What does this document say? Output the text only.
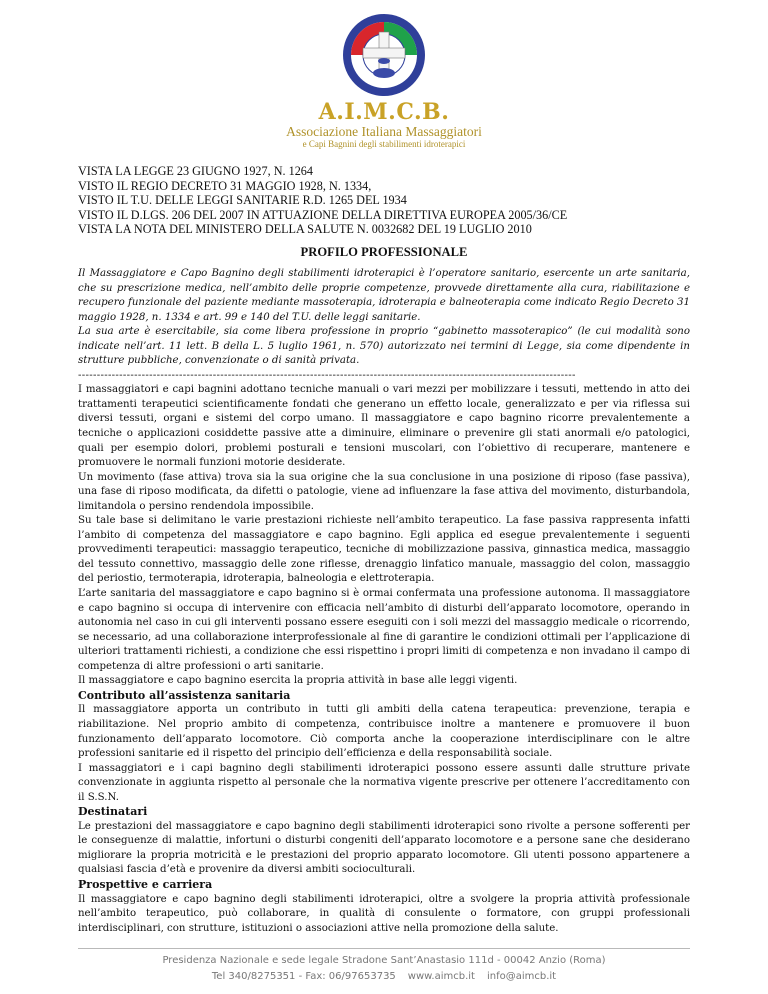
A.I.M.C.B.
Associazione Italiana Massaggiatori
e Capi Bagnini degli stabilimenti idroterapici
VISTA LA LEGGE 23 GIUGNO 1927, N. 1264
VISTO IL REGIO DECRETO 31 MAGGIO 1928, N. 1334,
VISTO IL T.U. DELLE LEGGI SANITARIE R.D. 1265 DEL 1934
VISTO IL D.LGS. 206 DEL 2007 IN ATTUAZIONE DELLA DIRETTIVA EUROPEA 2005/36/CE
VISTA LA NOTA DEL MINISTERO DELLA SALUTE N. 0032682 DEL 19 LUGLIO 2010
PROFILO PROFESSIONALE

Il Massaggiatore e Capo Bagnino degli stabilimenti idroterapici è l’operatore sanitario, esercente un arte sanitaria, che su prescrizione medica, nell’ambito delle proprie competenze, provvede direttamente alla cura, riabilitazione e recupero funzionale del paziente mediante massoterapia, idroterapia e balneoterapia come indicato Regio Decreto 31 maggio 1928, n. 1334 e art. 99 e 140 del T.U. delle leggi sanitarie.

La sua arte è esercitabile, sia come libera professione in proprio “gabinetto massoterapico” (le cui modalità sono indicate nell’art. 11 lett. B della L. 5 luglio 1961, n. 570) autorizzato nei termini di Legge, sia come dipendente in strutture pubbliche, convenzionate o di sanità privata.

-------------------------------------------------------------------------------------------------------------------------------------

I massaggiatori e capi bagnini adottano tecniche manuali o vari mezzi per mobilizzare i tessuti, mettendo in atto dei trattamenti terapeutici scientificamente fondati che generano un effetto locale, generalizzato e per via riflessa sui diversi tessuti, organi e sistemi del corpo umano. Il massaggiatore e capo bagnino ricorre prevalentemente a tecniche o applicazioni cosiddette passive atte a diminuire, eliminare o prevenire gli stati anormali e/o patologici, quali per esempio dolori, problemi posturali e tensioni muscolari, con l’obiettivo di recuperare, mantenere e promuovere le normali funzioni motorie desiderate.

Un movimento (fase attiva) trova sia la sua origine che la sua conclusione in una posizione di riposo (fase passiva), una fase di riposo modificata, da difetti o patologie, viene ad influenzare la fase attiva del movimento, disturbandola, limitandola o persino rendendola impossibile.

Su tale base si delimitano le varie prestazioni richieste nell’ambito terapeutico. La fase passiva rappresenta infatti l’ambito di competenza del massaggiatore e capo bagnino. Egli applica ed esegue prevalentemente i seguenti provvedimenti terapeutici: massaggio terapeutico, tecniche di mobilizzazione passiva, ginnastica medica, massaggio del tessuto connettivo, massaggio delle zone riflesse, drenaggio linfatico manuale, massaggio del colon, massaggio del periostio, termoterapia, idroterapia, balneologia e elettroterapia.

L’arte sanitaria del massaggiatore e capo bagnino si è ormai confermata una professione autonoma. Il massaggiatore e capo bagnino si occupa di intervenire con efficacia nell’ambito di disturbi dell’apparato locomotore, operando in autonomia nel caso in cui gli interventi possano essere eseguiti con i soli mezzi del massaggio medicale o ricorrendo, se necessario, ad una collaborazione interprofessionale al fine di garantire le condizioni ottimali per l’applicazione di ulteriori trattamenti richiesti, a condizione che essi rispettino i propri limiti di competenza e non invadano il campo di competenza di altre professioni o arti sanitarie.

Il massaggiatore e capo bagnino esercita la propria attività in base alle leggi vigenti.

Contributo all’assistenza sanitaria

Il massaggiatore apporta un contributo in tutti gli ambiti della catena terapeutica: prevenzione, terapia e riabilitazione. Nel proprio ambito di competenza, contribuisce inoltre a mantenere e promuovere il buon funzionamento dell’apparato locomotore. Ciò comporta anche la cooperazione interdisciplinare con le altre professioni sanitarie ed il rispetto del principio dell’efficienza e della responsabilità sociale.

I massaggiatori e i capi bagnino degli stabilimenti idroterapici possono essere assunti dalle strutture private convenzionate in aggiunta rispetto al personale che la normativa vigente prescrive per ottenere l’accreditamento con il S.S.N.

Destinatari

Le prestazioni del massaggiatore e capo bagnino degli stabilimenti idroterapici sono rivolte a persone sofferenti per le conseguenze di malattie, infortuni o disturbi congeniti dell’apparato locomotore e a persone sane che desiderano migliorare la propria motricità e le prestazioni del proprio apparato locomotore. Gli utenti possono appartenere a qualsiasi fascia d’età e provenire da diversi ambiti socioculturali.

Prospettive e carriera

Il massaggiatore e capo bagnino degli stabilimenti idroterapici, oltre a svolgere la propria attività professionale nell’ambito terapeutico, può collaborare, in qualità di consulente o formatore, con gruppi professionali interdisciplinari, con strutture, istituzioni o associazioni attive nella promozione della salute.

Presidenza Nazionale e sede legale Stradone Sant’Anastasio 111d - 00042 Anzio (Roma)
Tel 340/8275351 - Fax: 06/97653735 www.aimcb.it info@aimcb.it
